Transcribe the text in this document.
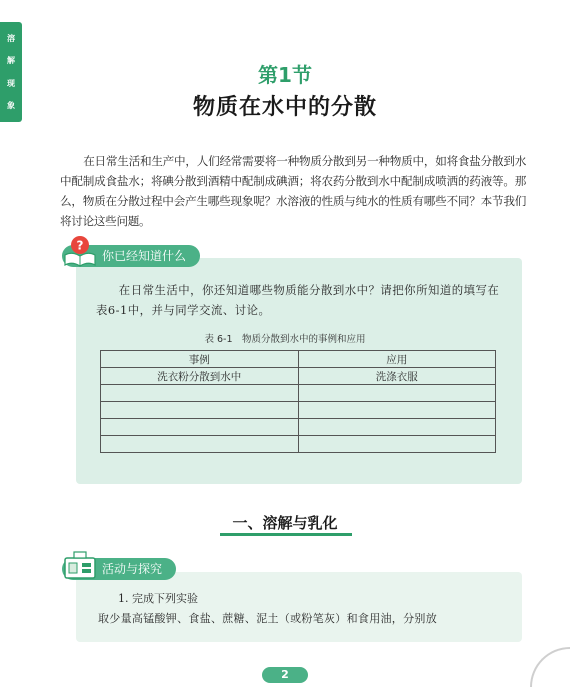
溶
解
现
象
第1节
物质在水中的分散

在日常生活和生产中，人们经常需要将一种物质分散到另一种物质中，如将食盐分散到水中配制成食盐水；将碘分散到酒精中配制成碘酒；将农药分散到水中配制成喷洒的药液等。那么，物质在分散过程中会产生哪些现象呢？水溶液的性质与纯水的性质有哪些不同？本节我们将讨论这些问题。

?
你已经知道什么

在日常生活中，你还知道哪些物质能分散到水中？请把你所知道的填写在表6-1中，并与同学交流、讨论。

表 6-1　物质分散到水中的事例和应用
事例	应用
洗衣粉分散到水中	洗涤衣服

一、溶解与乳化
活动与探究

1. 完成下列实验

取少量高锰酸钾、食盐、蔗糖、泥土（或粉笔灰）和食用油，分别放

2
